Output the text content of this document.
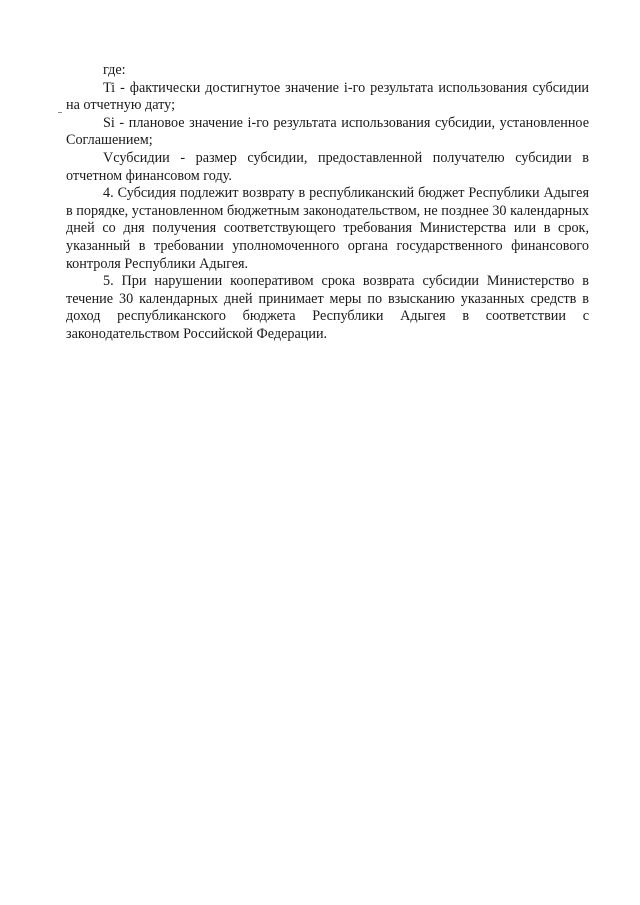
где:

Ti - фактически достигнутое значение i-го результата использования субсидии на отчетную дату;

Si - плановое значение i-го результата использования субсидии, установленное Соглашением;

Vсубсидии - размер субсидии, предоставленной получателю субсидии в отчетном финансовом году.

4. Субсидия подлежит возврату в республиканский бюджет Республики Адыгея в порядке, установленном бюджетным законодательством, не позднее 30 календарных дней со дня получения соответствующего требования Министерства или в срок, указанный в требовании уполномоченного органа государственного финансового контроля Республики Адыгея.

5. При нарушении кооперативом срока возврата субсидии Министерство в течение 30 календарных дней принимает меры по взысканию указанных средств в доход республиканского бюджета Республики Адыгея в соответствии с законодательством Российской Федерации.
